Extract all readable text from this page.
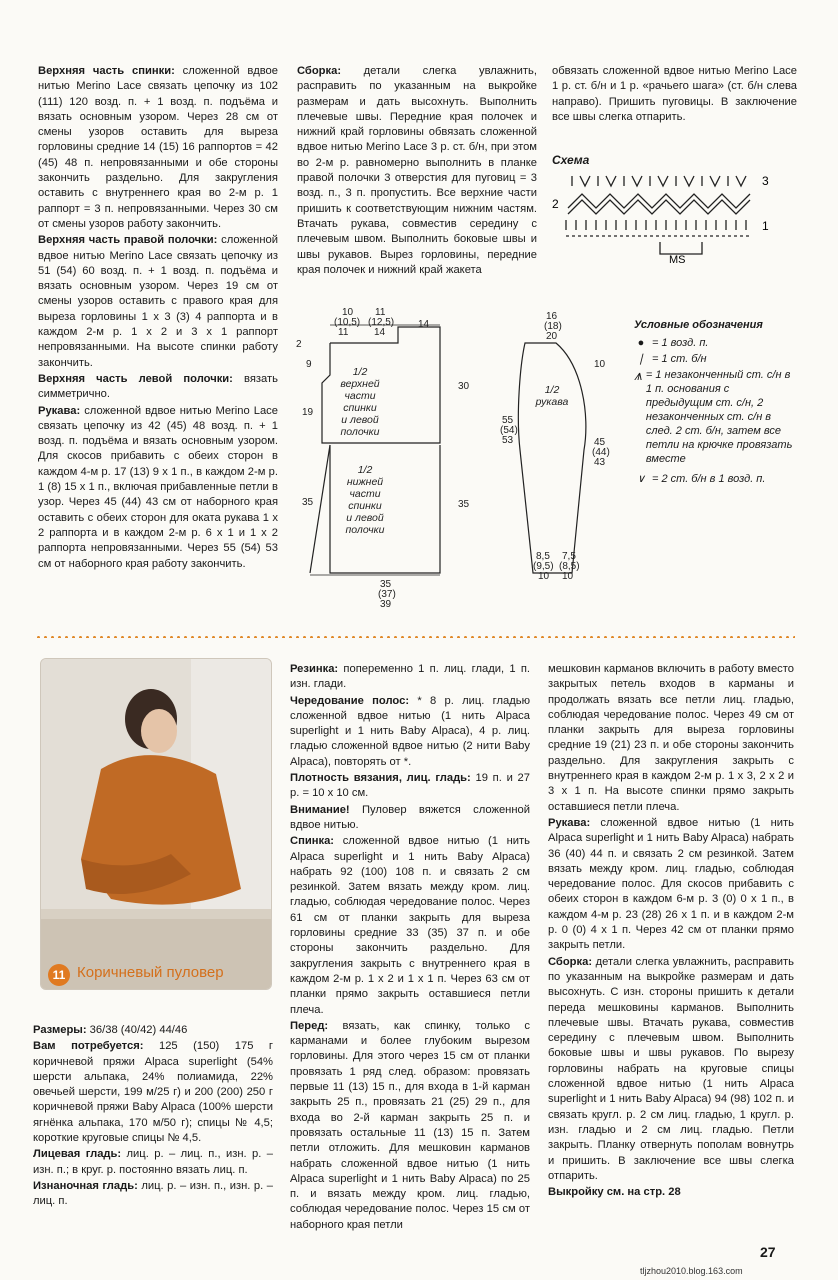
Верхняя часть спинки: сложенной вдвое нитью Merino Lace связать цепочку из 102 (111) 120 возд. п. + 1 возд. п. подъёма и вязать основным узором. Через 28 см от смены узоров оставить для выреза горловины средние 14 (15) 16 раппортов = 42 (45) 48 п. непровязанными и обе стороны закончить раздельно. Для закругления оставить с внутреннего края во 2-м р. 1 раппорт = 3 п. непровязанными. Через 30 см от смены узоров работу закончить.

Верхняя часть правой полочки: сложенной вдвое нитью Merino Lace связать цепочку из 51 (54) 60 возд. п. + 1 возд. п. подъёма и вязать основным узором. Через 19 см от смены узоров оставить с правого края для выреза горловины 1 х 3 (3) 4 раппорта и в каждом 2-м р. 1 х 2 и 3 х 1 раппорт непровязанными. На высоте спинки работу закончить.

Верхняя часть левой полочки: вязать симметрично.

Рукава: сложенной вдвое нитью Merino Lace связать цепочку из 42 (45) 48 возд. п. + 1 возд. п. подъёма и вязать основным узором. Для скосов прибавить с обеих сторон в каждом 4-м р. 17 (13) 9 х 1 п., в каждом 2-м р. 1 (8) 15 х 1 п., включая прибавленные петли в узор. Через 45 (44) 43 см от наборного края оставить с обеих сторон для оката рукава 1 х 2 раппорта и в каждом 2-м р. 6 х 1 и 1 х 2 раппорта непровязанными. Через 55 (54) 53 см от наборного края работу закончить.

Сборка: детали слегка увлажнить, расправить по указанным на выкройке размерам и дать высохнуть. Выполнить плечевые швы. Передние края полочек и нижний край горловины обвязать сложенной вдвое нитью Merino Lace 3 р. ст. б/н, при этом во 2-м р. равномерно выполнить в планке правой полочки 3 отверстия для пуговиц = 3 возд. п., 3 п. пропустить. Все верхние части пришить к соответствующим нижним частям. Втачать рукава, совместив середину с плечевым швом. Выполнить боковые швы и швы рукавов. Вырез горловины, передние края полочек и нижний край жакета

обвязать сложенной вдвое нитью Merino Lace 1 р. ст. б/н и 1 р. «рачьего шага» (ст. б/н слева направо). Пришить пуговицы. В заключение все швы слегка отпарить.

Схема
3
2
1
MS
10
(10,5)
11
11
(12,5)
14
14
2
9
19
35
30
35
55
(54)
53
35
(37)
39
16
(18)
20
10
45
(44)
43
8,5
(9,5)
10
7,5
(8,5)
10
1/2 верхней части спинки и левой полочки
1/2 нижней части спинки и левой полочки
1/2 рукава
Условные обозначения
● = 1 возд. п.
❘ = 1 ст. б/н
⩚ = 1 незаконченный ст. с/н в 1 п. основания с предыдущим ст. с/н, 2 незаконченных ст. с/н в след. 2 ст. б/н, затем все петли на крючке провязать вместе
∨ = 2 ст. б/н в 1 возд. п.
11 Коричневый пуловер

Размеры: 36/38 (40/42) 44/46

Вам потребуется: 125 (150) 175 г коричневой пряжи Alpaca superlight (54% шерсти альпака, 24% полиамида, 22% овечьей шерсти, 199 м/25 г) и 200 (200) 250 г коричневой пряжи Baby Alpaca (100% шерсти ягнёнка альпака, 170 м/50 г); спицы № 4,5; короткие круговые спицы № 4,5.

Лицевая гладь: лиц. р. – лиц. п., изн. р. – изн. п.; в круг. р. постоянно вязать лиц. п.

Изнаночная гладь: лиц. р. – изн. п., изн. р. – лиц. п.

Резинка: попеременно 1 п. лиц. глади, 1 п. изн. глади.

Чередование полос: * 8 р. лиц. гладью сложенной вдвое нитью (1 нить Alpaca superlight и 1 нить Baby Alpaca), 4 р. лиц. гладью сложенной вдвое нитью (2 нити Baby Alpaca), повторять от *.

Плотность вязания, лиц. гладь: 19 п. и 27 р. = 10 х 10 см.

Внимание! Пуловер вяжется сложенной вдвое нитью.

Спинка: сложенной вдвое нитью (1 нить Alpaca superlight и 1 нить Baby Alpaca) набрать 92 (100) 108 п. и связать 2 см резинкой. Затем вязать между кром. лиц. гладью, соблюдая чередование полос. Через 61 см от планки закрыть для выреза горловины средние 33 (35) 37 п. и обе стороны закончить раздельно. Для закругления закрыть с внутреннего края в каждом 2-м р. 1 х 2 и 1 х 1 п. Через 63 см от планки прямо закрыть оставшиеся петли плеча.

Перед: вязать, как спинку, только с карманами и более глубоким вырезом горловины. Для этого через 15 см от планки провязать 1 ряд след. образом: провязать первые 11 (13) 15 п., для входа в 1-й карман закрыть 25 п., провязать 21 (25) 29 п., для входа во 2-й карман закрыть 25 п. и провязать остальные 11 (13) 15 п. Затем петли отложить. Для мешковин карманов набрать сложенной вдвое нитью (1 нить Alpaca superlight и 1 нить Baby Alpaca) по 25 п. и вязать между кром. лиц. гладью, соблюдая чередование полос. Через 15 см от наборного края петли

мешковин карманов включить в работу вместо закрытых петель входов в карманы и продолжать вязать все петли лиц. гладью, соблюдая чередование полос. Через 49 см от планки закрыть для выреза горловины средние 19 (21) 23 п. и обе стороны закончить раздельно. Для закругления закрыть с внутреннего края в каждом 2-м р. 1 х 3, 2 х 2 и 3 х 1 п. На высоте спинки прямо закрыть оставшиеся петли плеча.

Рукава: сложенной вдвое нитью (1 нить Alpaca superlight и 1 нить Baby Alpaca) набрать 36 (40) 44 п. и связать 2 см резинкой. Затем вязать между кром. лиц. гладью, соблюдая чередование полос. Для скосов прибавить с обеих сторон в каждом 6-м р. 3 (0) 0 х 1 п., в каждом 4-м р. 23 (28) 26 х 1 п. и в каждом 2-м р. 0 (0) 4 х 1 п. Через 42 см от планки прямо закрыть петли.

Сборка: детали слегка увлажнить, расправить по указанным на выкройке размерам и дать высохнуть. С изн. стороны пришить к детали переда мешковины карманов. Выполнить плечевые швы. Втачать рукава, совместив середину с плечевым швом. Выполнить боковые швы и швы рукавов. По вырезу горловины набрать на круговые спицы сложенной вдвое нитью (1 нить Alpaca superlight и 1 нить Baby Alpaca) 94 (98) 102 п. и связать кругл. р. 2 см лиц. гладью, 1 кругл. р. изн. гладью и 2 см лиц. гладью. Петли закрыть. Планку отвернуть пополам вовнутрь и пришить. В заключение все швы слегка отпарить.

Выкройку см. на стр. 28

27
tljzhou2010.blog.163.com
